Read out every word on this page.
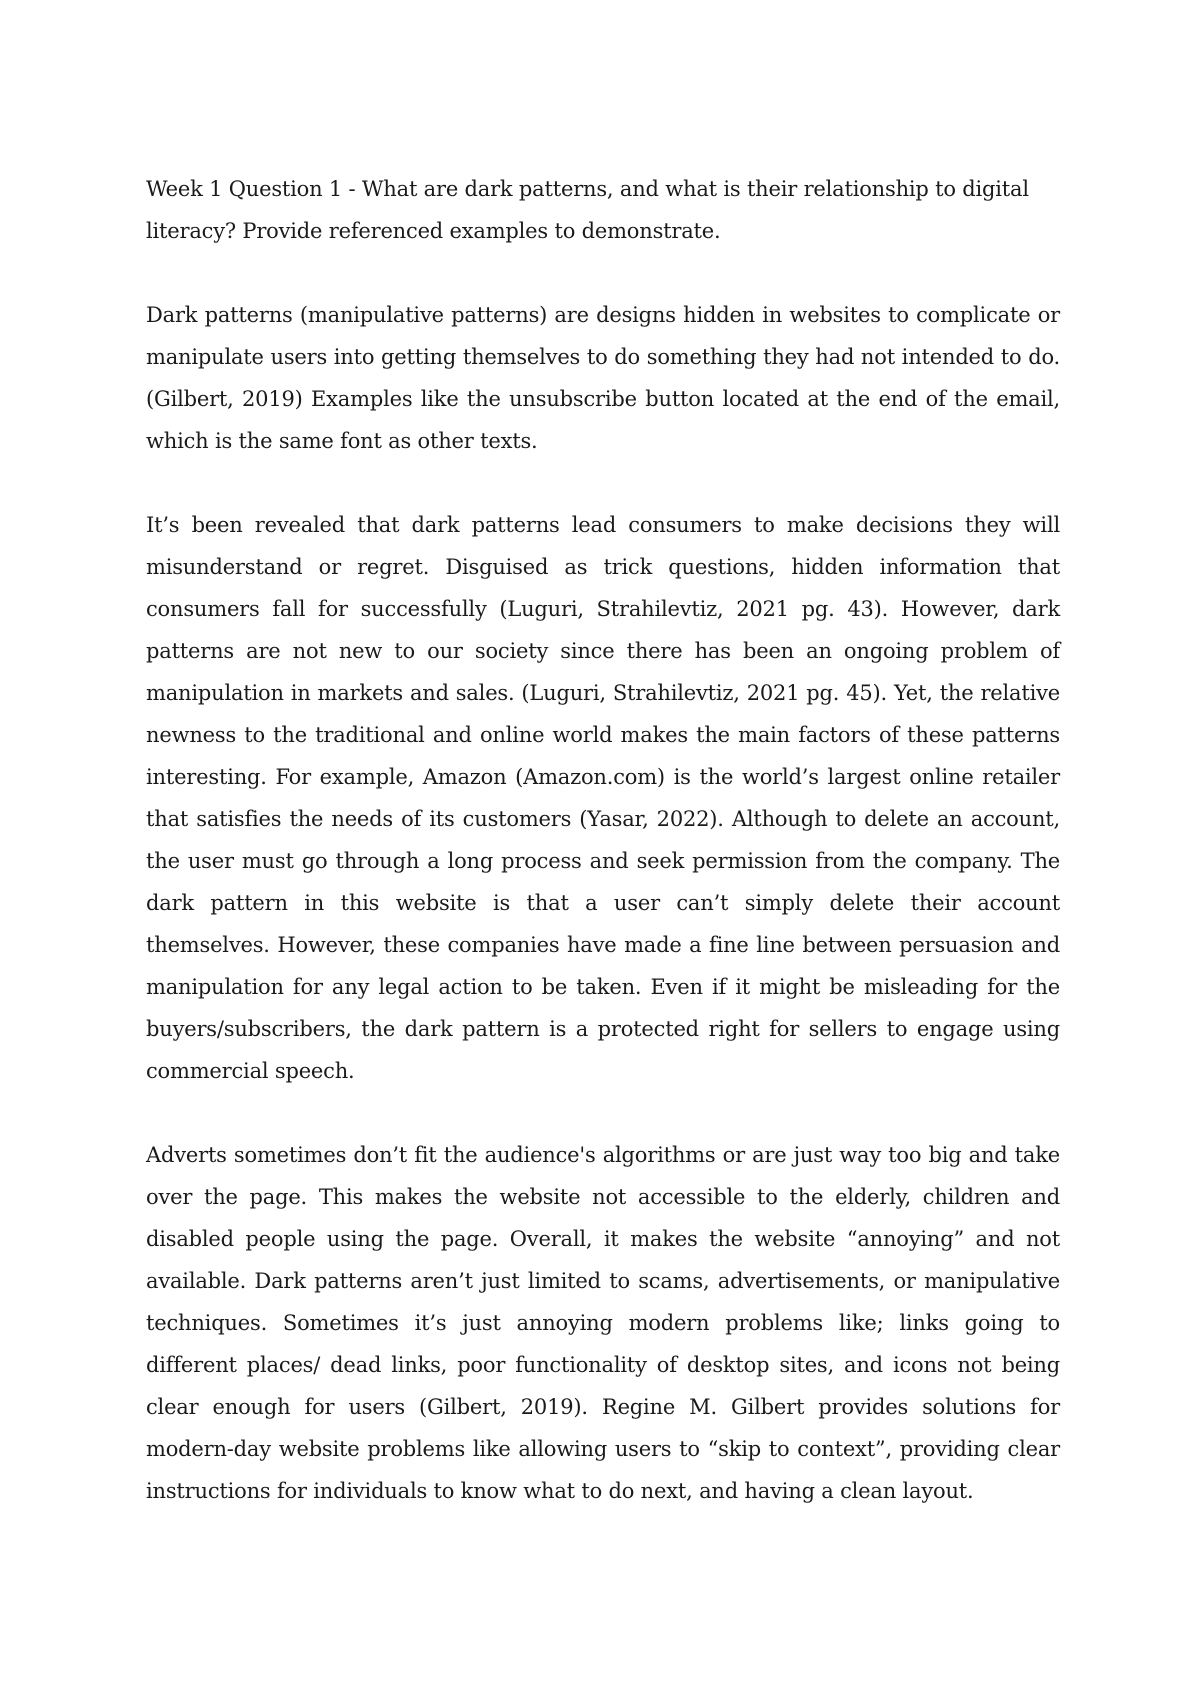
Week 1 Question 1 - What are dark patterns, and what is their relationship to digital literacy? Provide referenced examples to demonstrate.

Dark patterns (manipulative patterns) are designs hidden in websites to complicate or manipulate users into getting themselves to do something they had not intended to do. (Gilbert, 2019) Examples like the unsubscribe button located at the end of the email, which is the same font as other texts.

It’s been revealed that dark patterns lead consumers to make decisions they will misunderstand or regret. Disguised as trick questions, hidden information that consumers fall for successfully (Luguri, Strahilevtiz, 2021 pg. 43). However, dark patterns are not new to our society since there has been an ongoing problem of manipulation in markets and sales. (Luguri, Strahilevtiz, 2021 pg. 45). Yet, the relative newness to the traditional and online world makes the main factors of these patterns interesting. For example, Amazon (Amazon.com) is the world’s largest online retailer that satisfies the needs of its customers (Yasar, 2022). Although to delete an account, the user must go through a long process and seek permission from the company. The dark pattern in this website is that a user can’t simply delete their account themselves. However, these companies have made a fine line between persuasion and manipulation for any legal action to be taken. Even if it might be misleading for the buyers/subscribers, the dark pattern is a protected right for sellers to engage using commercial speech.

Adverts sometimes don’t fit the audience's algorithms or are just way too big and take over the page. This makes the website not accessible to the elderly, children and disabled people using the page. Overall, it makes the website “annoying” and not available. Dark patterns aren’t just limited to scams, advertisements, or manipulative techniques. Sometimes it’s just annoying modern problems like; links going to different places/ dead links, poor functionality of desktop sites, and icons not being clear enough for users (Gilbert, 2019). Regine M. Gilbert provides solutions for modern-day website problems like allowing users to “skip to context”, providing clear instructions for individuals to know what to do next, and having a clean layout.
